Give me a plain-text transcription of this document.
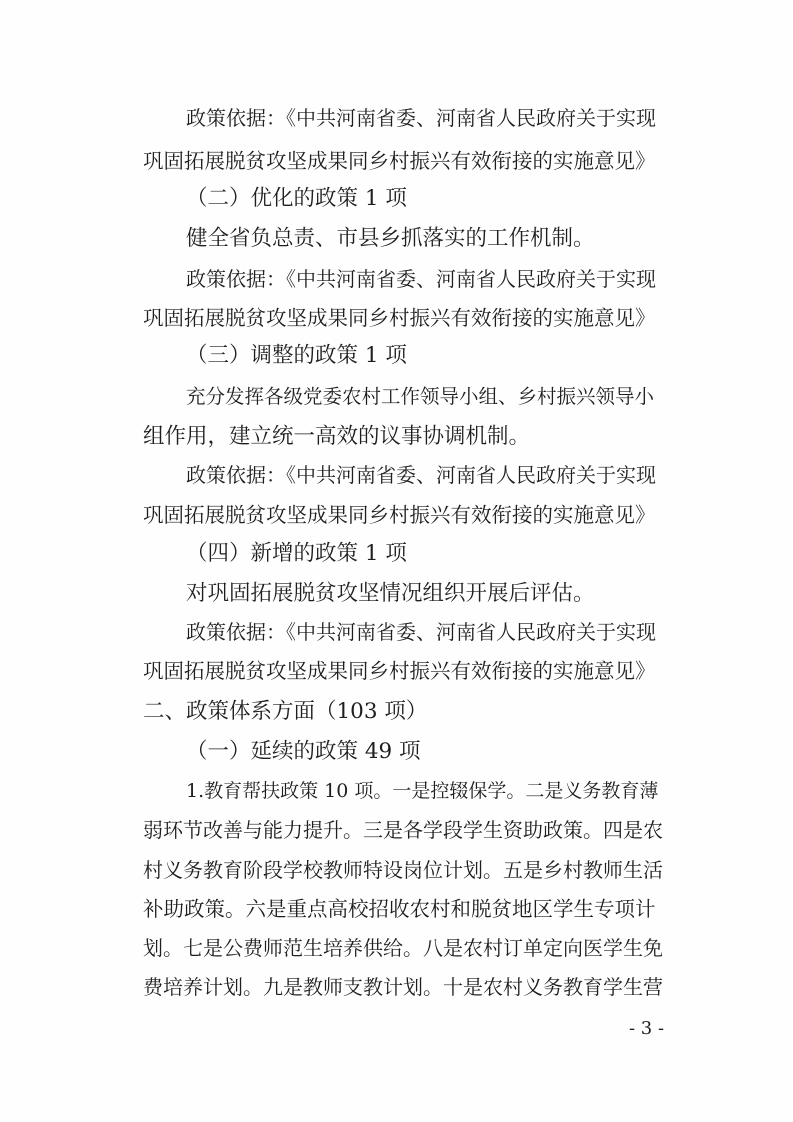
政策依据：《中共河南省委、河南省人民政府关于实现
巩固拓展脱贫攻坚成果同乡村振兴有效衔接的实施意见》
（二）优化的政策 1 项
健全省负总责、市县乡抓落实的工作机制。
政策依据：《中共河南省委、河南省人民政府关于实现
巩固拓展脱贫攻坚成果同乡村振兴有效衔接的实施意见》
（三）调整的政策 1 项
充分发挥各级党委农村工作领导小组、乡村振兴领导小
组作用，建立统一高效的议事协调机制。
政策依据：《中共河南省委、河南省人民政府关于实现
巩固拓展脱贫攻坚成果同乡村振兴有效衔接的实施意见》
（四）新增的政策 1 项
对巩固拓展脱贫攻坚情况组织开展后评估。
政策依据：《中共河南省委、河南省人民政府关于实现
巩固拓展脱贫攻坚成果同乡村振兴有效衔接的实施意见》
二、政策体系方面（103 项）
（一）延续的政策 49 项
1.教育帮扶政策 10 项。一是控辍保学。二是义务教育薄
弱环节改善与能力提升。三是各学段学生资助政策。四是农
村义务教育阶段学校教师特设岗位计划。五是乡村教师生活
补助政策。六是重点高校招收农村和脱贫地区学生专项计
划。七是公费师范生培养供给。八是农村订单定向医学生免
费培养计划。九是教师支教计划。十是农村义务教育学生营
- 3 -
